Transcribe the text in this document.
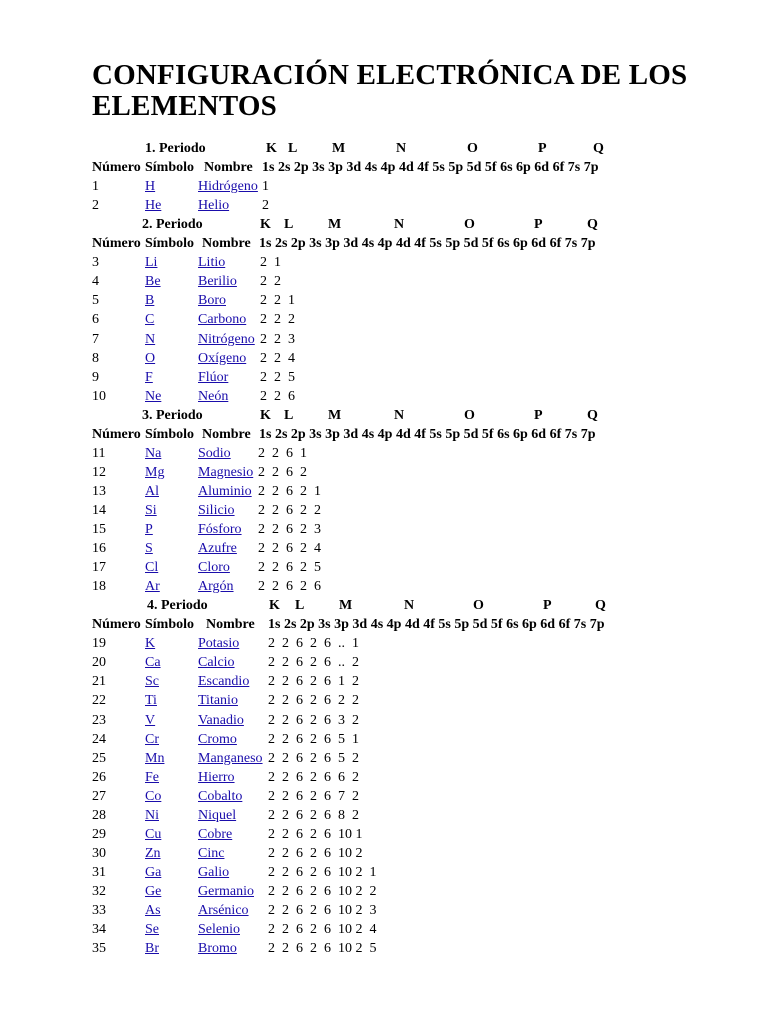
CONFIGURACIÓN ELECTRÓNICA DE LOS ELEMENTOS
1. Periodo	K L M	N	O	P	Q
Número Símbolo Nombre 1s 2s 2p 3s 3p 3d 4s 4p 4d 4f 5s 5p 5d 5f 6s 6p 6d 6f 7s 7p
1	H	Hidrógeno 1
2	He	Helio 2
2. Periodo	K L M	N	O	P	Q
Número Símbolo Nombre 1s 2s 2p 3s 3p 3d 4s 4p 4d 4f 5s 5p 5d 5f 6s 6p 6d 6f 7s 7p
3	Li	Litio 2  1
4	Be	Berilio 2  2
5	B	Boro 2  2  1
6	C	Carbono 2  2  2
7	N	Nitrógeno 2  2  3
8	O	Oxígeno 2  2  4
9	F	Flúor 2  2  5
10	Ne	Neón 2  2  6
3. Periodo	K L M	N	O	P	Q
Número Símbolo Nombre 1s 2s 2p 3s 3p 3d 4s 4p 4d 4f 5s 5p 5d 5f 6s 6p 6d 6f 7s 7p
11	Na	Sodio 2  2  6  1
12	Mg Magnesio 2  2  6  2
13	Al	Aluminio 2  2  6  2  1
14	Si	Silicio 2  2  6  2  2
15	P	Fósforo 2  2  6  2  3
16	S	Azufre 2  2  6  2  4
17	Cl	Cloro 2  2  6  2  5
18	Ar	Argón 2  2  6  2  6
4. Periodo	K L M	N	O	P	Q
Número Símbolo Nombre 1s 2s 2p 3s 3p 3d 4s 4p 4d 4f 5s 5p 5d 5f 6s 6p 6d 6f 7s 7p
19	K	Potasio 2  2  6  2  6  ..  1
20	Ca	Calcio 2  2  6  2  6  ..  2
21	Sc	Escandio 2  2  6  2  6  1  2
22	Ti	Titanio 2  2  6  2  6  2  2
23	V	Vanadio 2  2  6  2  6  3  2
24	Cr	Cromo 2  2  6  2  6  5  1
25	Mn Manganeso 2  2  6  2  6  5  2
26	Fe	Hierro 2  2  6  2  6  6  2
27	Co	Cobalto 2  2  6  2  6  7  2
28	Ni	Niquel 2  2  6  2  6  8  2
29	Cu	Cobre	2  2  6  2  6  10 1
30	Zn	Cinc	2  2  6  2  6  10 2
31	Ga	Galio	2  2  6  2  6  10 2  1
32	Ge	Germanio 2  2  6  2  6  10 2  2
33	As	Arsénico 2  2  6  2  6  10 2  3
34	Se	Selenio 2  2  6  2  6  10 2  4
35	Br	Bromo 2  2  6  2  6  10 2  5
